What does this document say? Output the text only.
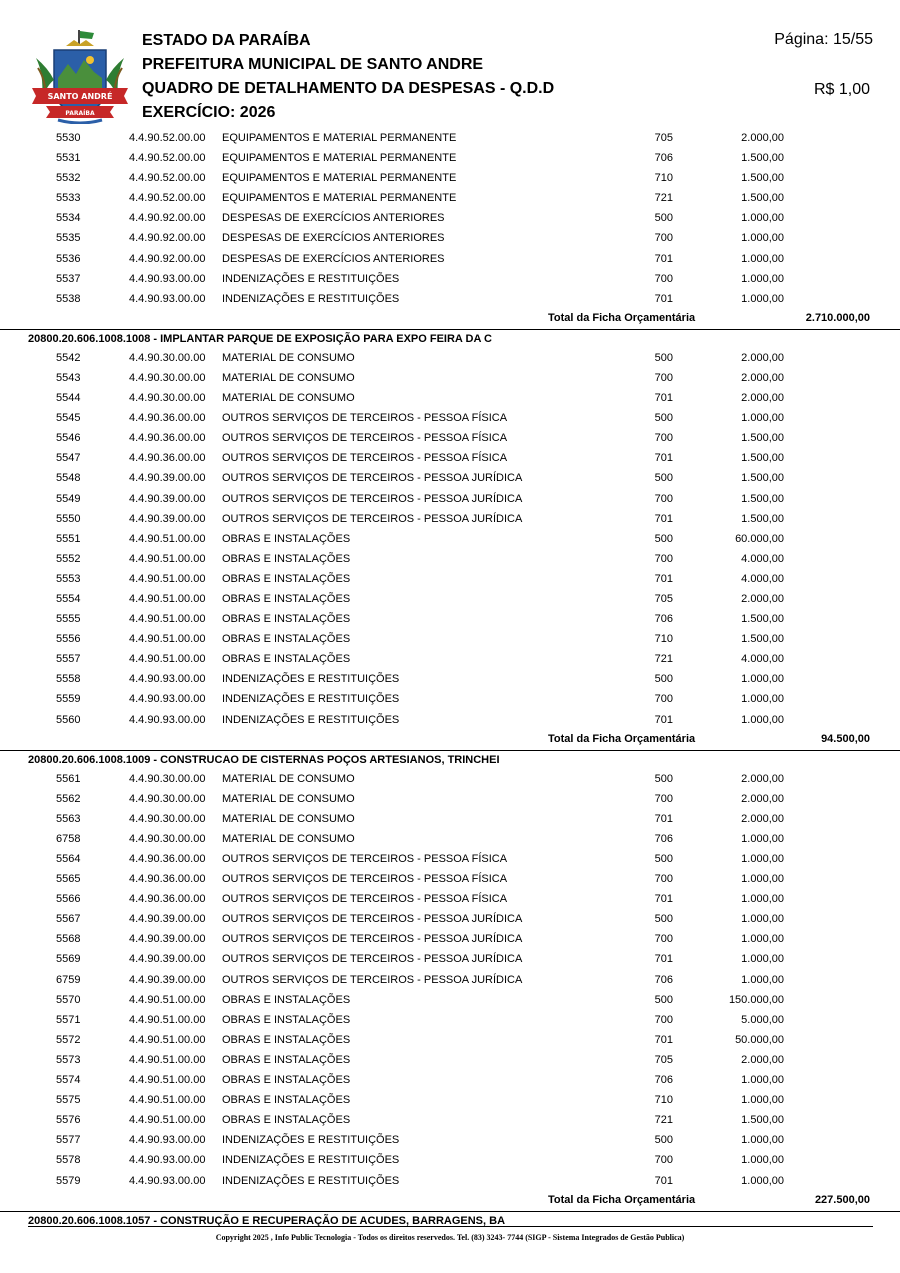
SANTO ANDRÉ
PARAÍBA
ESTADO DA PARAÍBA
PREFEITURA MUNICIPAL DE SANTO ANDRE
QUADRO DE DETALHAMENTO DA DESPESAS - Q.D.D
EXERCÍCIO: 2026
Página: 15/55
R$ 1,00
5530	4.4.90.52.00.00 EQUIPAMENTOS E MATERIAL PERMANENTE	705	2.000,00
5531	4.4.90.52.00.00 EQUIPAMENTOS E MATERIAL PERMANENTE	706	1.500,00
5532	4.4.90.52.00.00 EQUIPAMENTOS E MATERIAL PERMANENTE	710	1.500,00
5533	4.4.90.52.00.00 EQUIPAMENTOS E MATERIAL PERMANENTE	721	1.500,00
5534	4.4.90.92.00.00 DESPESAS DE EXERCÍCIOS ANTERIORES	500	1.000,00
5535	4.4.90.92.00.00 DESPESAS DE EXERCÍCIOS ANTERIORES	700	1.000,00
5536	4.4.90.92.00.00 DESPESAS DE EXERCÍCIOS ANTERIORES	701	1.000,00
5537	4.4.90.93.00.00 INDENIZAÇÕES E RESTITUIÇÕES	700	1.000,00
5538	4.4.90.93.00.00 INDENIZAÇÕES E RESTITUIÇÕES	701	1.000,00
Total da Ficha Orçamentária	2.710.000,00
20800.20.606.1008.1008 - IMPLANTAR PARQUE DE EXPOSIÇÃO PARA EXPO FEIRA DA C
5542	4.4.90.30.00.00 MATERIAL DE CONSUMO	500	2.000,00
5543	4.4.90.30.00.00 MATERIAL DE CONSUMO	700	2.000,00
5544	4.4.90.30.00.00 MATERIAL DE CONSUMO	701	2.000,00
5545	4.4.90.36.00.00 OUTROS SERVIÇOS DE TERCEIROS - PESSOA FÍSICA	500	1.000,00
5546	4.4.90.36.00.00 OUTROS SERVIÇOS DE TERCEIROS - PESSOA FÍSICA	700	1.500,00
5547	4.4.90.36.00.00 OUTROS SERVIÇOS DE TERCEIROS - PESSOA FÍSICA	701	1.500,00
5548	4.4.90.39.00.00 OUTROS SERVIÇOS DE TERCEIROS - PESSOA JURÍDICA	500	1.500,00
5549	4.4.90.39.00.00 OUTROS SERVIÇOS DE TERCEIROS - PESSOA JURÍDICA	700	1.500,00
5550	4.4.90.39.00.00 OUTROS SERVIÇOS DE TERCEIROS - PESSOA JURÍDICA	701	1.500,00
5551	4.4.90.51.00.00 OBRAS E INSTALAÇÕES	500	60.000,00
5552	4.4.90.51.00.00 OBRAS E INSTALAÇÕES	700	4.000,00
5553	4.4.90.51.00.00 OBRAS E INSTALAÇÕES	701	4.000,00
5554	4.4.90.51.00.00 OBRAS E INSTALAÇÕES	705	2.000,00
5555	4.4.90.51.00.00 OBRAS E INSTALAÇÕES	706	1.500,00
5556	4.4.90.51.00.00 OBRAS E INSTALAÇÕES	710	1.500,00
5557	4.4.90.51.00.00 OBRAS E INSTALAÇÕES	721	4.000,00
5558	4.4.90.93.00.00 INDENIZAÇÕES E RESTITUIÇÕES	500	1.000,00
5559	4.4.90.93.00.00 INDENIZAÇÕES E RESTITUIÇÕES	700	1.000,00
5560	4.4.90.93.00.00 INDENIZAÇÕES E RESTITUIÇÕES	701	1.000,00
Total da Ficha Orçamentária	94.500,00
20800.20.606.1008.1009 - CONSTRUCAO DE CISTERNAS POÇOS ARTESIANOS, TRINCHEI
5561	4.4.90.30.00.00 MATERIAL DE CONSUMO	500	2.000,00
5562	4.4.90.30.00.00 MATERIAL DE CONSUMO	700	2.000,00
5563	4.4.90.30.00.00 MATERIAL DE CONSUMO	701	2.000,00
6758	4.4.90.30.00.00 MATERIAL DE CONSUMO	706	1.000,00
5564	4.4.90.36.00.00 OUTROS SERVIÇOS DE TERCEIROS - PESSOA FÍSICA	500	1.000,00
5565	4.4.90.36.00.00 OUTROS SERVIÇOS DE TERCEIROS - PESSOA FÍSICA	700	1.000,00
5566	4.4.90.36.00.00 OUTROS SERVIÇOS DE TERCEIROS - PESSOA FÍSICA	701	1.000,00
5567	4.4.90.39.00.00 OUTROS SERVIÇOS DE TERCEIROS - PESSOA JURÍDICA	500	1.000,00
5568	4.4.90.39.00.00 OUTROS SERVIÇOS DE TERCEIROS - PESSOA JURÍDICA	700	1.000,00
5569	4.4.90.39.00.00 OUTROS SERVIÇOS DE TERCEIROS - PESSOA JURÍDICA	701	1.000,00
6759	4.4.90.39.00.00 OUTROS SERVIÇOS DE TERCEIROS - PESSOA JURÍDICA	706	1.000,00
5570	4.4.90.51.00.00 OBRAS E INSTALAÇÕES	500	150.000,00
5571	4.4.90.51.00.00 OBRAS E INSTALAÇÕES	700	5.000,00
5572	4.4.90.51.00.00 OBRAS E INSTALAÇÕES	701	50.000,00
5573	4.4.90.51.00.00 OBRAS E INSTALAÇÕES	705	2.000,00
5574	4.4.90.51.00.00 OBRAS E INSTALAÇÕES	706	1.000,00
5575	4.4.90.51.00.00 OBRAS E INSTALAÇÕES	710	1.000,00
5576	4.4.90.51.00.00 OBRAS E INSTALAÇÕES	721	1.500,00
5577	4.4.90.93.00.00 INDENIZAÇÕES E RESTITUIÇÕES	500	1.000,00
5578	4.4.90.93.00.00 INDENIZAÇÕES E RESTITUIÇÕES	700	1.000,00
5579	4.4.90.93.00.00 INDENIZAÇÕES E RESTITUIÇÕES	701	1.000,00
Total da Ficha Orçamentária	227.500,00
20800.20.606.1008.1057 - CONSTRUÇÃO E RECUPERAÇÃO DE ACUDES, BARRAGENS, BA
Copyright 2025 , Info Public Tecnologia - Todos os direitos reservedos. Tel. (83) 3243- 7744 (SIGP - Sistema Integrados de Gestão Publica)
